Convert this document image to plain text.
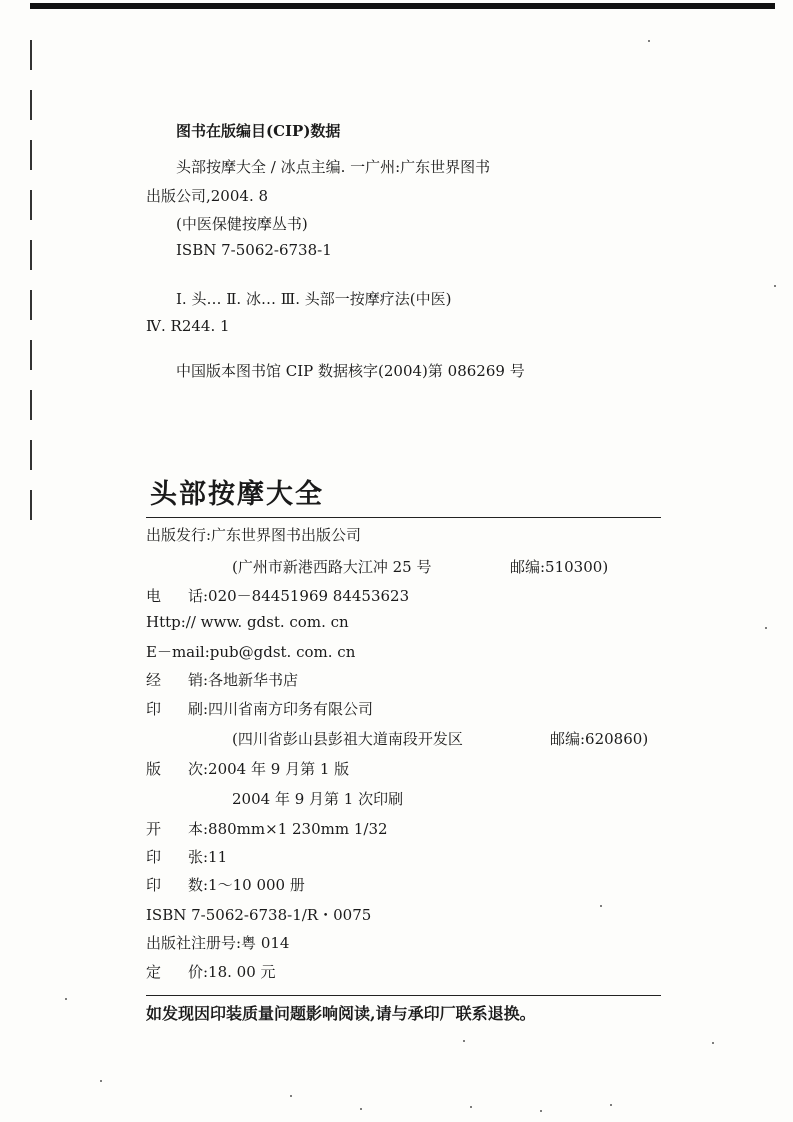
图书在版编目(CIP)数据
头部按摩大全 / 冰点主编. 一广州:广东世界图书
出版公司,2004. 8
(中医保健按摩丛书)
ISBN 7-5062-6738-1
Ⅰ. 头… Ⅱ. 冰… Ⅲ. 头部一按摩疗法(中医)
Ⅳ. R244. 1
中国版本图书馆 CIP 数据核字(2004)第 086269 号
头部按摩大全
出版发行:广东世界图书出版公司
(广州市新港西路大江冲 25 号	邮编:510300)
电 话:020－84451969 84453623
Http:// www. gdst. com. cn
E－mail:pub@gdst. com. cn
经 销:各地新华书店
印 刷:四川省南方印务有限公司
(四川省彭山县彭祖大道南段开发区	邮编:620860)
版 次:2004 年 9 月第 1 版
2004 年 9 月第 1 次印刷
开 本:880mm×1 230mm 1/32
印 张:11
印 数:1～10 000 册
ISBN 7-5062-6738-1/R・0075
出版社注册号:粤 014
定 价:18. 00 元
如发现因印装质量问题影响阅读,请与承印厂联系退换。
